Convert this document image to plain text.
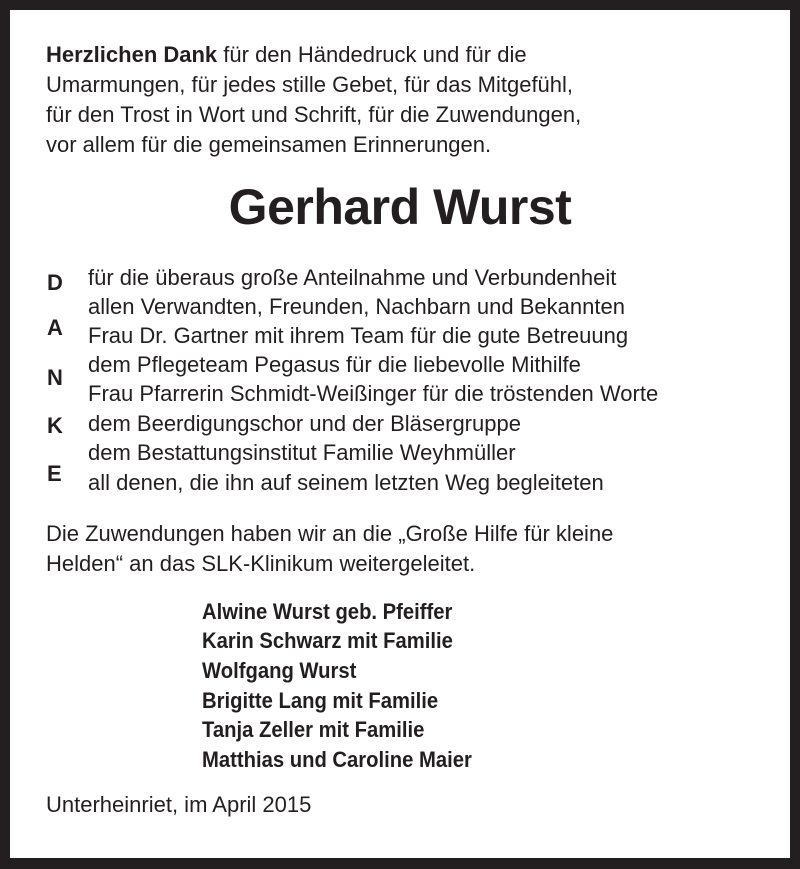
Herzlichen Dank für den Händedruck und für die
Umarmungen, für jedes stille Gebet, für das Mitgefühl,
für den Trost in Wort und Schrift, für die Zuwendungen,
vor allem für die gemeinsamen Erinnerungen.
Gerhard Wurst
D
A
N
K
E
für die überaus große Anteilnahme und Verbundenheit
allen Verwandten, Freunden, Nachbarn und Bekannten
Frau Dr. Gartner mit ihrem Team für die gute Betreuung
dem Pflegeteam Pegasus für die liebevolle Mithilfe
Frau Pfarrerin Schmidt-Weißinger für die tröstenden Worte
dem Beerdigungschor und der Bläsergruppe
dem Bestattungsinstitut Familie Weyhmüller
all denen, die ihn auf seinem letzten Weg begleiteten
Die Zuwendungen haben wir an die „Große Hilfe für kleine
Helden“ an das SLK-Klinikum weitergeleitet.
Alwine Wurst geb. Pfeiffer
Karin Schwarz mit Familie
Wolfgang Wurst
Brigitte Lang mit Familie
Tanja Zeller mit Familie
Matthias und Caroline Maier
Unterheinriet, im April 2015
